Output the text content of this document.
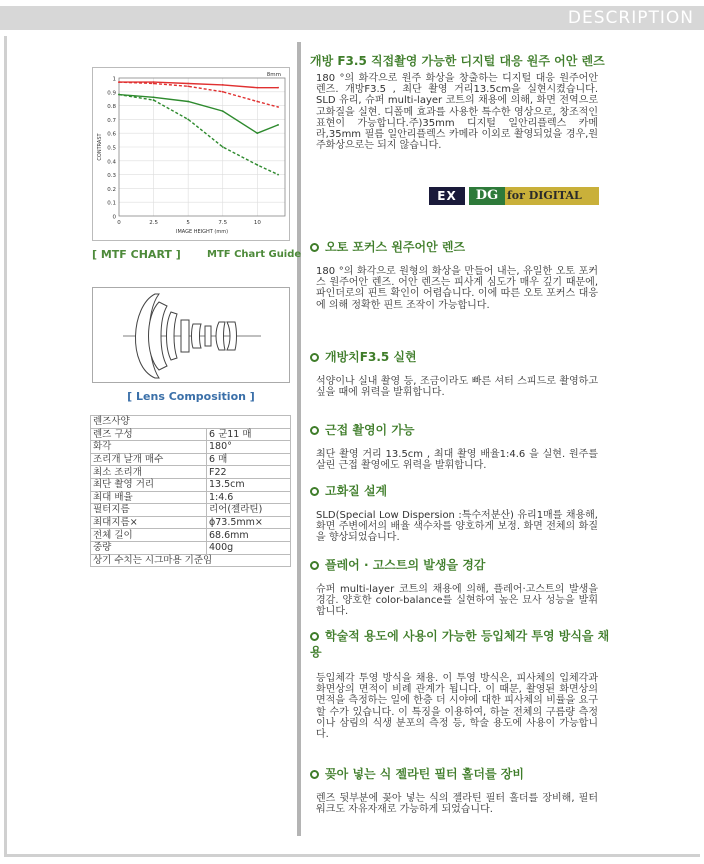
DESCRIPTION
1
0.9
0.8
0.7
0.6
0.5
0.4
0.3
0.2
0.1
0
0	2.5	5	7.5	10
IMAGE HEIGHT (mm)
CONTRAST
8mm
[ MTF CHART ]	MTF Chart Guide
[ Lens Composition ]
렌즈사양	
렌즈 구성	6 군11 매
화각	180°
조리개 날개 매수	6 매
최소 조리개	F22
최단 촬영 거리	13.5cm
최대 배율	1:4.6
필터지름	리어(젤라틴)
최대지름×	ϕ73.5mm×
전체 길이	68.6mm
중량	400g
상기 수치는 시그마용 기준임	
개방 F3.5 직접촬영 가능한 디지털 대응 원주 어안 렌즈
180 °의 화각으로 원주 화상을 창출하는 디지털 대응 원주어안 렌즈. 개방F3.5 , 최단 촬영 거리13.5cm을 실현시켰습니다. SLD 유리, 슈퍼 multi-layer 코트의 채용에 의해, 화면 전역으로 고화질을 실현. 디폴메 효과를 사용한 특수한 영상으로, 창조적인 표현이 가능합니다.주)35mm 디지털 일안리플렉스 카메라,35mm 필름 일안리플렉스 카메라 이외로 촬영되었을 경우,원주화상으로는 되지 않습니다.
EX	DG for DIGITAL
오토 포커스 원주어안 렌즈
180 °의 화각으로 원형의 화상을 만들어 내는, 유일한 오토 포커스 원주어안 렌즈. 어안 렌즈는 피사계 심도가 매우 깊기 때문에, 파인더로의 핀트 확인이 어렵습니다. 이에 따른 오토 포커스 대응에 의해 정확한 핀트 조작이 가능합니다.
개방치F3.5 실현
석양이나 실내 촬영 등, 조금이라도 빠른 셔터 스피드로 촬영하고 싶을 때에 위력을 발휘합니다.
근접 촬영이 가능
최단 촬영 거리 13.5cm , 최대 촬영 배율1:4.6 을 실현. 원주를 살린 근접 촬영에도 위력을 발휘합니다.
고화질 설계
SLD(Special Low Dispersion :특수저분산) 유리1매를 채용해, 화면 주변에서의 배율 색수차를 양호하게 보정. 화면 전체의 화질을 향상되었습니다.
플레어 · 고스트의 발생을 경감
슈퍼 multi-layer 코트의 채용에 의해, 플레어·고스트의 발생을 경감. 양호한 color-balance를 실현하여 높은 묘사 성능을 발휘합니다.
학술적 용도에 사용이 가능한 등입체각 투영 방식을 채용
등입체각 투영 방식을 채용. 이 투영 방식은, 피사체의 입체각과 화면상의 면적이 비례 관계가 됩니다. 이 때문, 촬영된 화면상의 면적을 측정하는 일에 한층 더 시야에 대한 피사체의 비률을 요구할 수가 있습니다. 이 특징을 이용하여, 하늘 전체의 구름량 측정이나 삼림의 식생 분포의 측정 등, 학술 용도에 사용이 가능합니다.
꽂아 넣는 식 젤라틴 필터 홀더를 장비
렌즈 뒷부분에 꽂아 넣는 식의 젤라틴 필터 홀더를 장비해, 필터 워크도 자유자재로 가능하게 되었습니다.
